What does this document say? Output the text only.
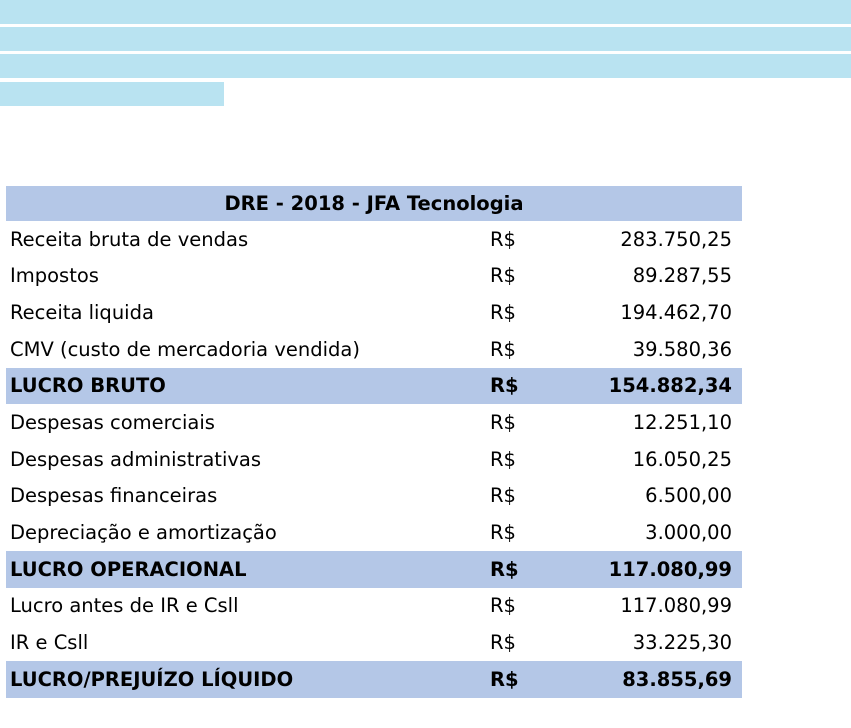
DRE - 2018 - JFA Tecnologia		
Receita bruta de vendas	R$	283.750,25
Impostos	R$	89.287,55
Receita liquida	R$	194.462,70
CMV (custo de mercadoria vendida)	R$	39.580,36
LUCRO BRUTO	R$	154.882,34
Despesas comerciais	R$	12.251,10
Despesas administrativas	R$	16.050,25
Despesas financeiras	R$	6.500,00
Depreciação e amortização	R$	3.000,00
LUCRO OPERACIONAL	R$	117.080,99
Lucro antes de IR e Csll	R$	117.080,99
IR e Csll	R$	33.225,30
LUCRO/PREJUÍZO LÍQUIDO	R$	83.855,69
